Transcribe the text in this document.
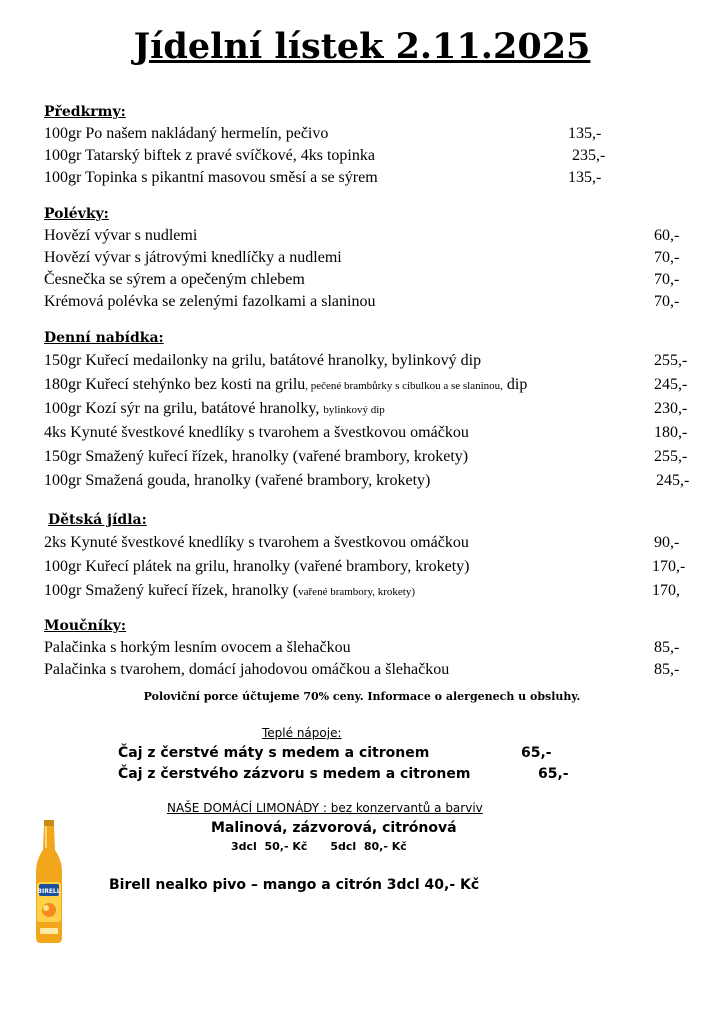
Jídelní lístek 2.11.2025
Předkrmy:
100gr Po našem nakládaný hermelín, pečivo	135,-
100gr Tatarský biftek z pravé svíčkové, 4ks topinka	235,-
100gr Topinka s pikantní masovou směsí a se sýrem	135,-
Polévky:
Hovězí vývar s nudlemi	60,-
Hovězí vývar s játrovými knedlíčky a nudlemi	70,-
Česnečka se sýrem a opečeným chlebem	70,-
Krémová polévka se zelenými fazolkami a slaninou	70,-
Denní nabídka:
150gr Kuřecí medailonky na grilu, batátové hranolky, bylinkový dip	255,-
180gr Kuřecí stehýnko bez kosti na grilu, pečené brambůrky s cibulkou a se slaninou, dip	245,-
100gr Kozí sýr na grilu, batátové hranolky, bylinkový dip	230,-
4ks Kynuté švestkové knedlíky s tvarohem a švestkovou omáčkou	180,-
150gr Smažený kuřecí řízek, hranolky (vařené brambory, krokety)	255,-
100gr Smažená gouda, hranolky (vařené brambory, krokety)	245,-
Dětská jídla:
2ks Kynuté švestkové knedlíky s tvarohem a švestkovou omáčkou	90,-
100gr Kuřecí plátek na grilu, hranolky (vařené brambory, krokety)	170,-
100gr Smažený kuřecí řízek, hranolky (vařené brambory, krokety)	170,
Moučníky:
Palačinka s horkým lesním ovocem a šlehačkou	85,-
Palačinka s tvarohem, domácí jahodovou omáčkou a šlehačkou	85,-
Poloviční porce účtujeme 70% ceny. Informace o alergenech u obsluhy.
Teplé nápoje:
Čaj z čerstvé máty s medem a citronem	65,-
Čaj z čerstvého zázvoru s medem a citronem	65,-
NAŠE DOMÁCÍ LIMONÁDY : bez konzervantů a barviv
Malinová, zázvorová, citrónová
3dcl  50,- Kč      5dcl  80,- Kč
Birell nealko pivo – mango a citrón 3dcl 40,- Kč
BIRELL
